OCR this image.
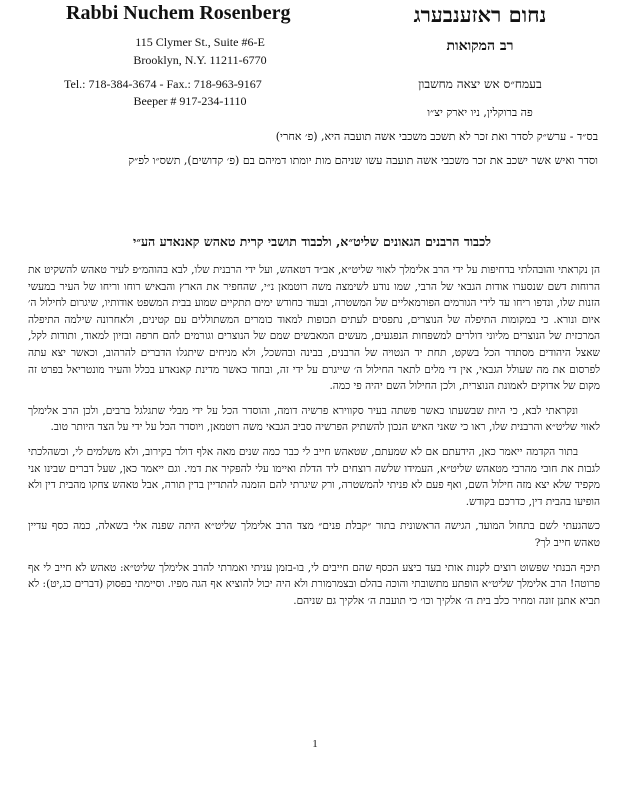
Rabbi Nuchem Rosenberg
115 Clymer St., Suite #6-E
Brooklyn, N.Y. 11211-6770
Tel.: 718-384-3674 - Fax.: 718-963-9167
Beeper # 917-234-1110
נחום ראזענבערג
רב המקואות
בעמח״ס אש יצאה מחשבון
פה ברוקלין, ניו יארק יצ״ו
בס״ד - ערש״ק לסדר ואת זכר לא תשכב משכבי אשה תועבה היא, (פ׳ אחרי)
וסדר ואיש אשר ישכב את זכר משכבי אשה תועבה עשו שניהם מות יומתו דמיהם בם (פ׳ קדושים), תשס״ו לפ״ק
לכבוד הרבנים הגאונים שליט״א, ולכבוד תושבי קרית טאהש קאנאדע הע״י

הן נקראתי והובהלתי בדחיפות על ידי הרב אלימלך לאווי שליט״א, אב״ד דטאהש, ועל ידי הרבנית שלו, לבא בהוהמ״פ לעיר טאהש להשקיט את הרוחות דשם שנסערו אודות הגבאי של הרבי, שמו נודע לשימצה משה רוטמאן נ״י, שהחפיר את הארץ והבאיש רוחו וריחו של העיר במעשי הזנות שלו, ונדפו ריחו עד לידי הגורמים הפורמאליים של המשטרה, ובעוד כחודש ימים תתקיים שמוע בבית המשפט אודותיו, שיגרום לחילול ה׳ איום ונורא. כי במקומות התיפלה של הנוצרים, נתפסים לעתים תכופות למאוד כומרים המשתוללים עם קטינים, ולאחרונה שילמה התיפלה המרכזית של הנוצרים מליוני דולרים למשפחות הנפגעים, מעשים המאבשים שמם של הנוצרים וגורמים להם חרפה ובזיון למאוד, ותודות לקל, שאצל היהודים מסתדר הכל בשקט, תחת יד הנטויה של הרבנים, בבינה ובהשכל, ולא מניחים שיתגלו הדברים להרהוב, וכאשר יצא עתה לפרסום את מה שעולל הגבאי, אין די מלים לתאר החילול ה׳ שייגרם על ידי זה, ובחוד כאשר מדינת קאנאדע בכלל והעיר מונטריאל בפרט זה מקום של אדוקים לאמונת הנוצרית, ולכן החילול השם יהיה פי כמה.

ונקראתי לבא, כי היות שבשעתו כאשר פשתה בעיר סקווירא פרשיה דומה, והוסדר הכל על ידי מבלי שתגלגל ברבים, ולכן הרב אלימלך לאווי שליט״א והרבנית שלו, ראו כי שאני האיש הנכון להשתיק הפרשיה סביב הגבאי משה רוטמאן, ויוסדר הכל על ידי על הצד היותר טוב.

בתור הקדמה ייאמר כאן, הידעתם אם לא שמעתם, שטאהש חייב לי כבר כמה שנים מאה אלף דולר בקירוב, ולא משלמים לי, וכשהלכתי לגבות את חובי מהרבי מטאהש שליט״א, העמידו שלשה רוצחים ליד הדלת ואיימו עלי להפקיר את דמי. וגם ייאמר כאן, שעל דברים שבינו אני מקפיד שלא יצא מזה חילול השם, ואף פעם לא פניתי להמשטרה, ורק שיגרתי להם הזמנה להתדיין בדין תורה, אבל טאהש צחקו מהבית דין ולא הופיעו בהבית דין, כדרכם בקודש.

כשהגעתי לשם בתחול המועד, הגישה הראשונית בתור ״קבלת פנים״ מצד הרב אלימלך שליט״א היתה שפנה אלי בשאלה, כמה כסף עדיין טאהש חייב לך?

תיכף הבנתי שפשוט רוצים לקנות אותי בעד ביצע הכסף שהם חייבים לי, בו-בזמן עניתי ואמרתי להרב אלימלך שליט״א: טאהש לא חייב לי אף פרוטה! הרב אלימלך שליט״א הופתע מתשובתי והוכה בהלם ובצמרמורת ולא היה יכול להוציא אף הגה מפיו. וסיימתי בפסוק (דברים כג,יט): לא תביא אתנן זונה ומחיר כלב בית ה׳ אלקיך וכו׳ כי תועבת ה׳ אלקיך גם שניהם.

1
